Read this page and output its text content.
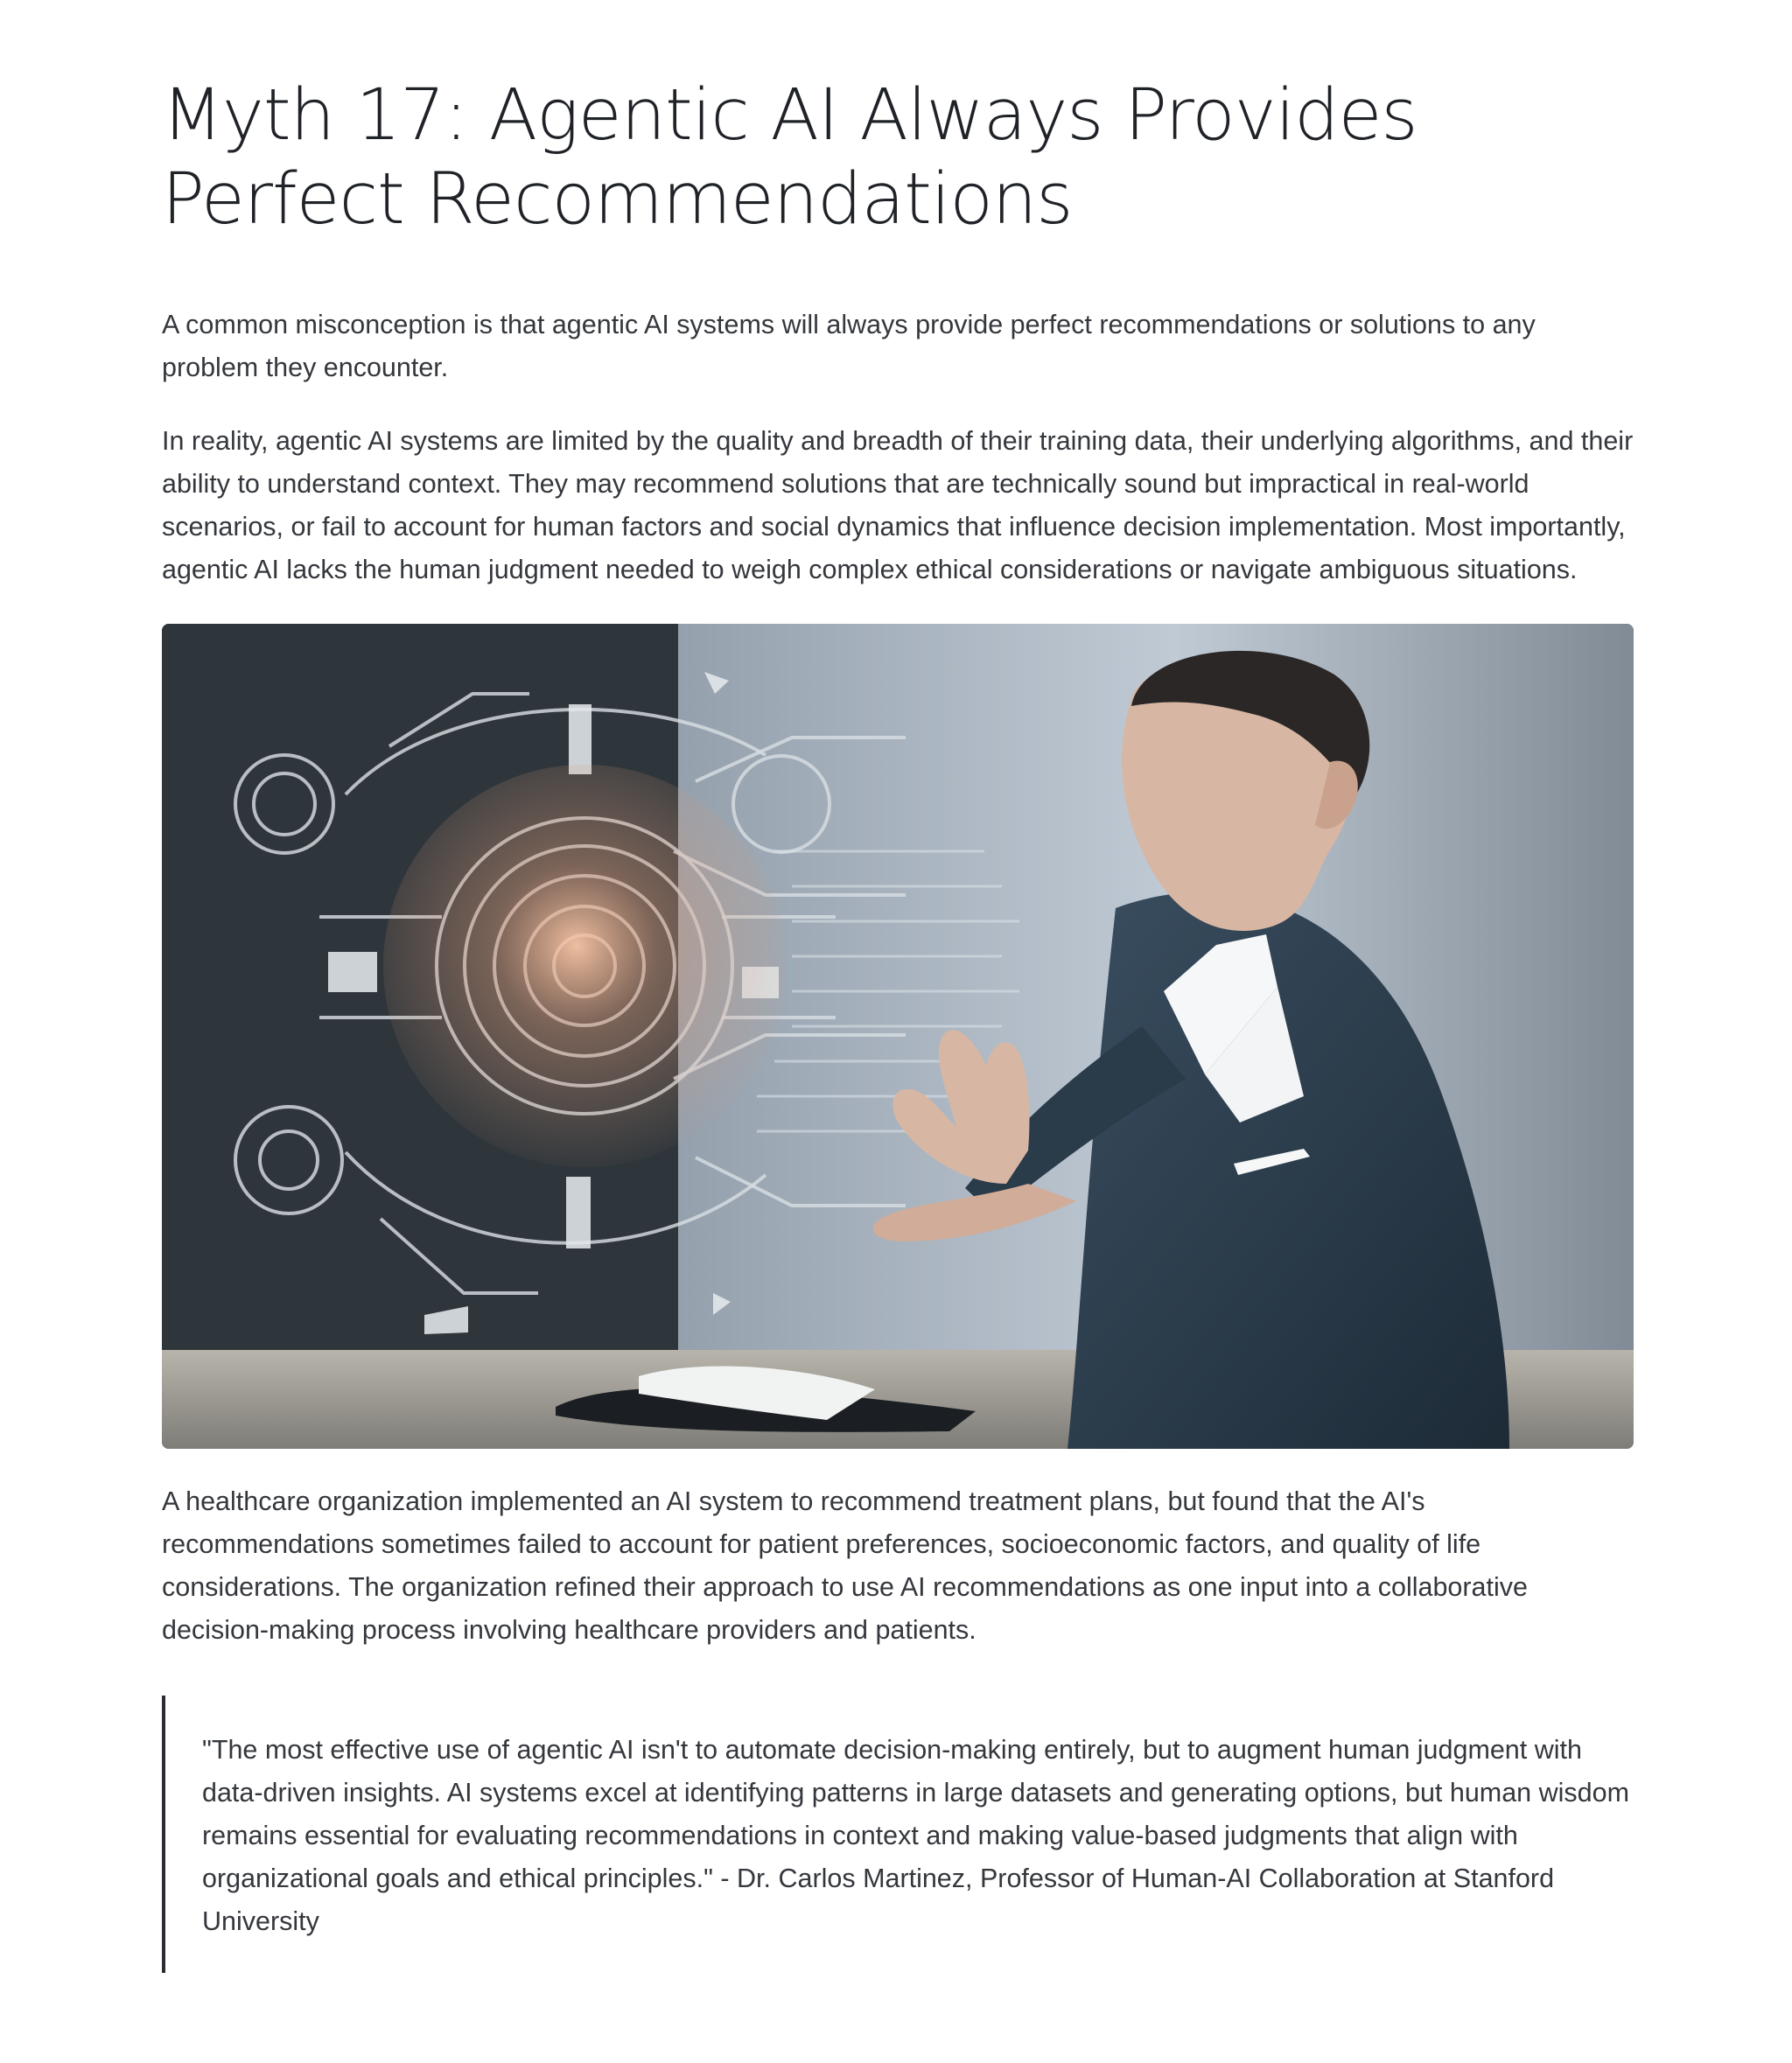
Myth 17: Agentic AI Always Provides Perfect Recommendations

A common misconception is that agentic AI systems will always provide perfect recommendations or solutions to any problem they encounter.

In reality, agentic AI systems are limited by the quality and breadth of their training data, their underlying algorithms, and their ability to understand context. They may recommend solutions that are technically sound but impractical in real-world scenarios, or fail to account for human factors and social dynamics that influence decision implementation. Most importantly, agentic AI lacks the human judgment needed to weigh complex ethical considerations or navigate ambiguous situations.

A healthcare organization implemented an AI system to recommend treatment plans, but found that the AI's recommendations sometimes failed to account for patient preferences, socioeconomic factors, and quality of life considerations. The organization refined their approach to use AI recommendations as one input into a collaborative decision-making process involving healthcare providers and patients.

"The most effective use of agentic AI isn't to automate decision-making entirely, but to augment human judgment with data-driven insights. AI systems excel at identifying patterns in large datasets and generating options, but human wisdom remains essential for evaluating recommendations in context and making value-based judgments that align with organizational goals and ethical principles." - Dr. Carlos Martinez, Professor of Human-AI Collaboration at Stanford University
